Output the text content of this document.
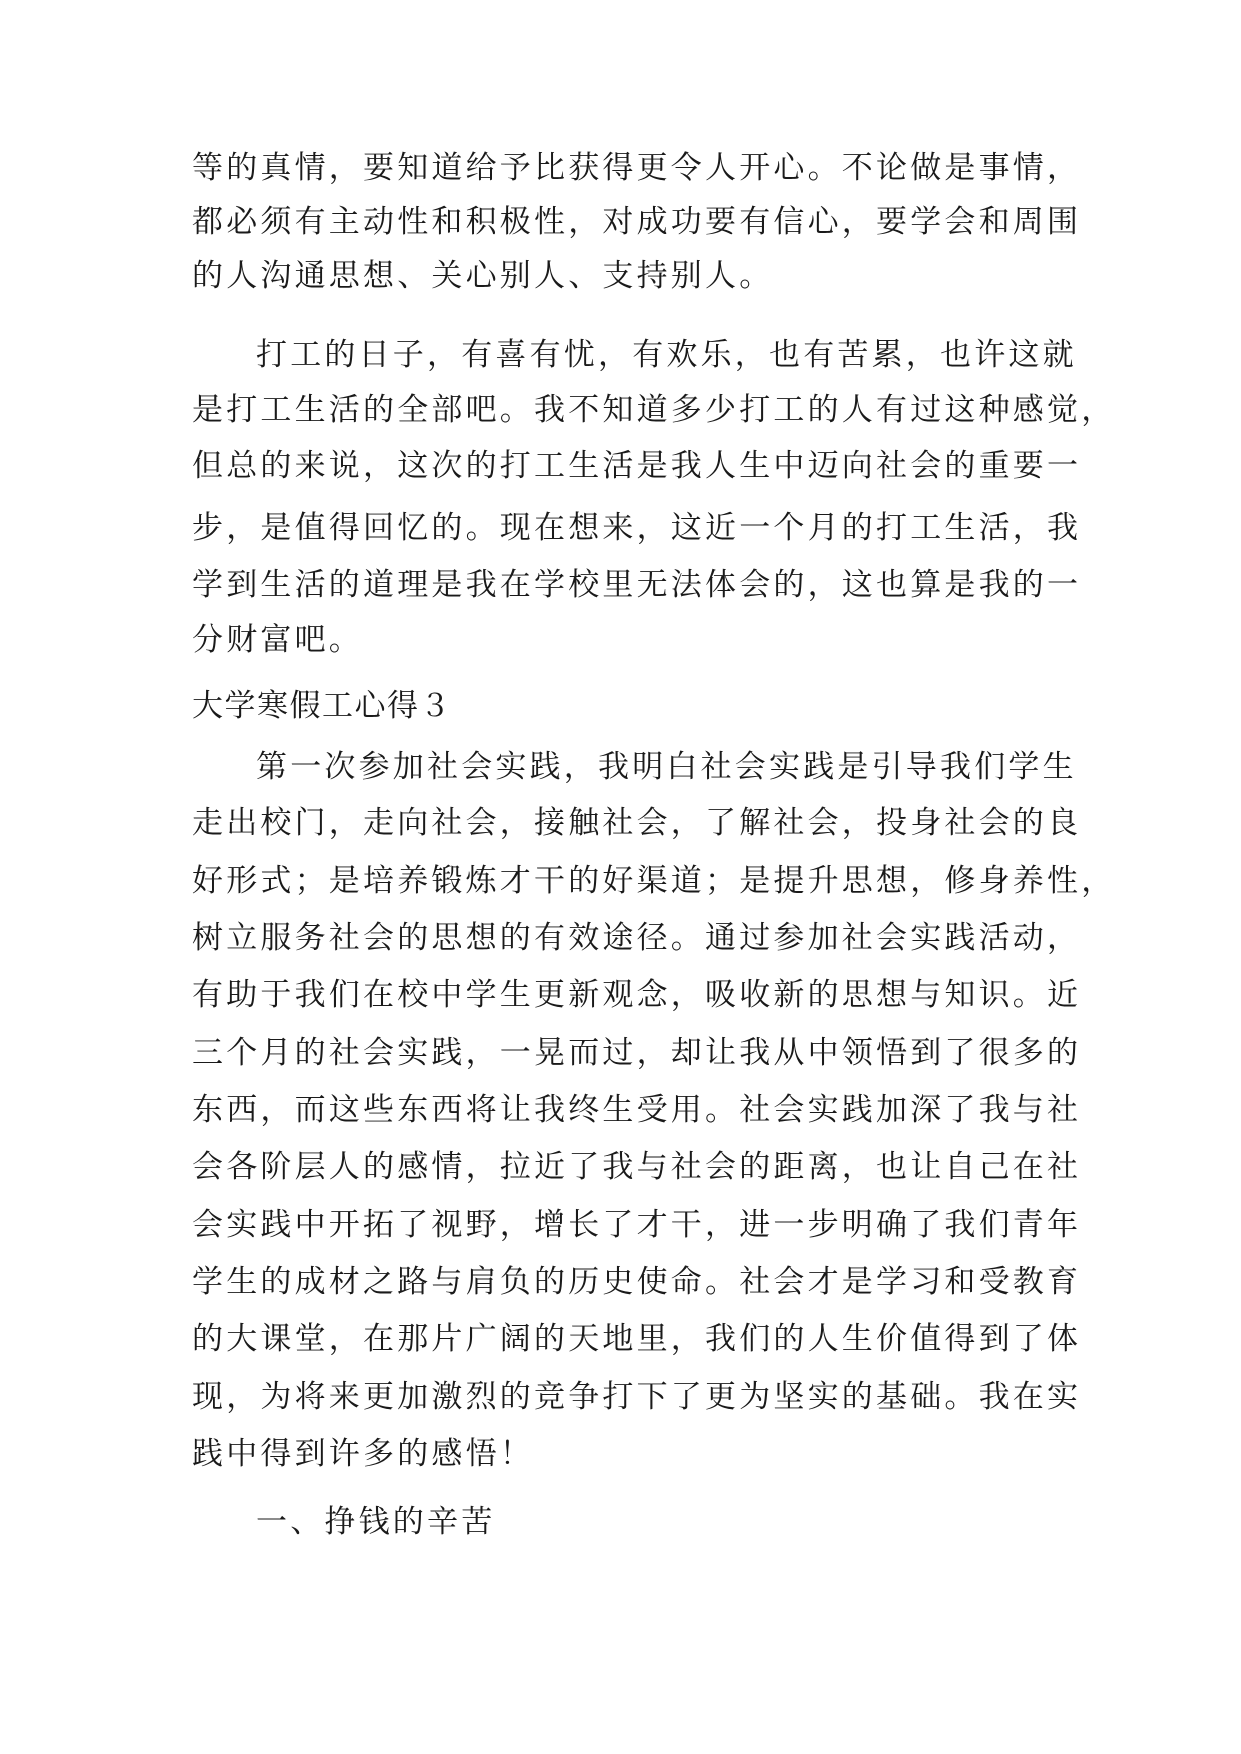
等的真情，要知道给予比获得更令人开心。不论做是事情，
都必须有主动性和积极性，对成功要有信心，要学会和周围
的人沟通思想、关心别人、支持别人。
打工的日子，有喜有忧，有欢乐，也有苦累，也许这就
是打工生活的全部吧。我不知道多少打工的人有过这种感觉，
但总的来说，这次的打工生活是我人生中迈向社会的重要一
步，是值得回忆的。现在想来，这近一个月的打工生活，我
学到生活的道理是我在学校里无法体会的，这也算是我的一
分财富吧。
大学寒假工心得３
第一次参加社会实践，我明白社会实践是引导我们学生
走出校门，走向社会，接触社会，了解社会，投身社会的良
好形式；是培养锻炼才干的好渠道；是提升思想，修身养性，
树立服务社会的思想的有效途径。通过参加社会实践活动，
有助于我们在校中学生更新观念，吸收新的思想与知识。近
三个月的社会实践，一晃而过，却让我从中领悟到了很多的
东西，而这些东西将让我终生受用。社会实践加深了我与社
会各阶层人的感情，拉近了我与社会的距离，也让自己在社
会实践中开拓了视野，增长了才干，进一步明确了我们青年
学生的成材之路与肩负的历史使命。社会才是学习和受教育
的大课堂，在那片广阔的天地里，我们的人生价值得到了体
现，为将来更加激烈的竞争打下了更为坚实的基础。我在实
践中得到许多的感悟！
一、挣钱的辛苦
